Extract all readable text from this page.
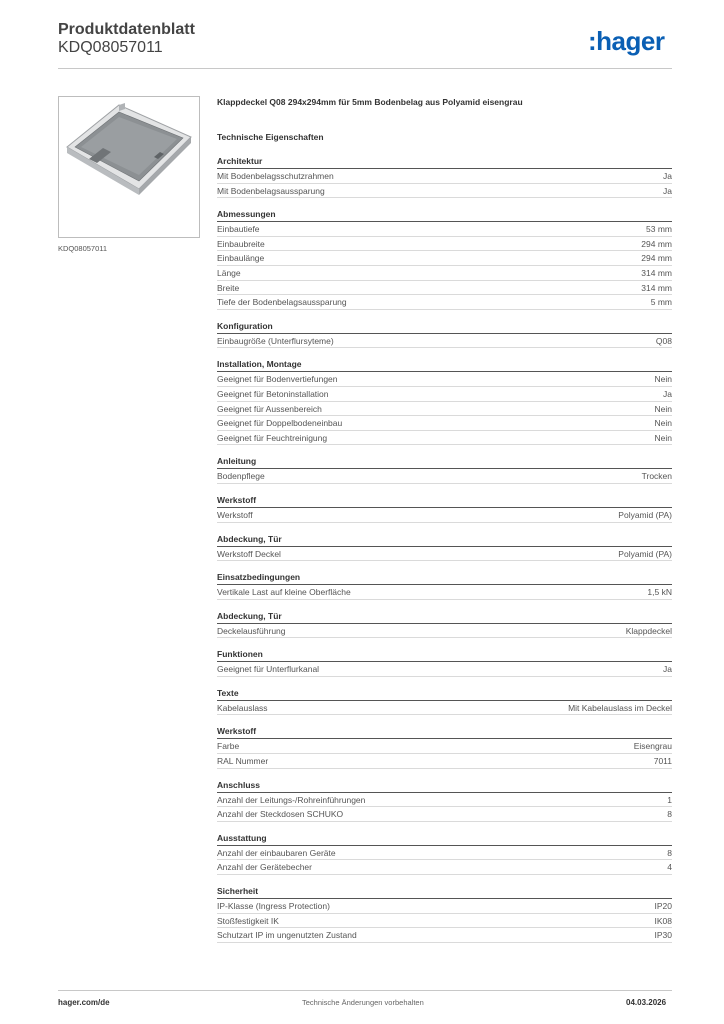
Produktdatenblatt
KDQ08057011	:hager
KDQ08057011
Klappdeckel Q08 294x294mm für 5mm Bodenbelag aus Polyamid eisengrau
Technische Eigenschaften
Architektur
Mit Bodenbelagsschutzrahmen	Ja
Mit Bodenbelagsaussparung	Ja
Abmessungen
Einbautiefe	53 mm
Einbaubreite	294 mm
Einbaulänge	294 mm
Länge	314 mm
Breite	314 mm
Tiefe der Bodenbelagsaussparung	5 mm
Konfiguration
Einbaugröße (Unterflursyteme)	Q08
Installation, Montage
Geeignet für Bodenvertiefungen	Nein
Geeignet für Betoninstallation	Ja
Geeignet für Aussenbereich	Nein
Geeignet für Doppelbodeneinbau	Nein
Geeignet für Feuchtreinigung	Nein
Anleitung
Bodenpflege	Trocken
Werkstoff
Werkstoff	Polyamid (PA)
Abdeckung, Tür
Werkstoff Deckel	Polyamid (PA)
Einsatzbedingungen
Vertikale Last auf kleine Oberfläche	1,5 kN
Abdeckung, Tür
Deckelausführung	Klappdeckel
Funktionen
Geeignet für Unterflurkanal	Ja
Texte
Kabelauslass	Mit Kabelauslass im Deckel
Werkstoff
Farbe	Eisengrau
RAL Nummer	7011
Anschluss
Anzahl der Leitungs-/Rohreinführungen	1
Anzahl der Steckdosen SCHUKO	8
Ausstattung
Anzahl der einbaubaren Geräte	8
Anzahl der Gerätebecher	4
Sicherheit
IP-Klasse (Ingress Protection)	IP20
Stoßfestigkeit IK	IK08
Schutzart IP im ungenutzten Zustand	IP30
hager.com/de	Technische Änderungen vorbehalten	04.03.2026
